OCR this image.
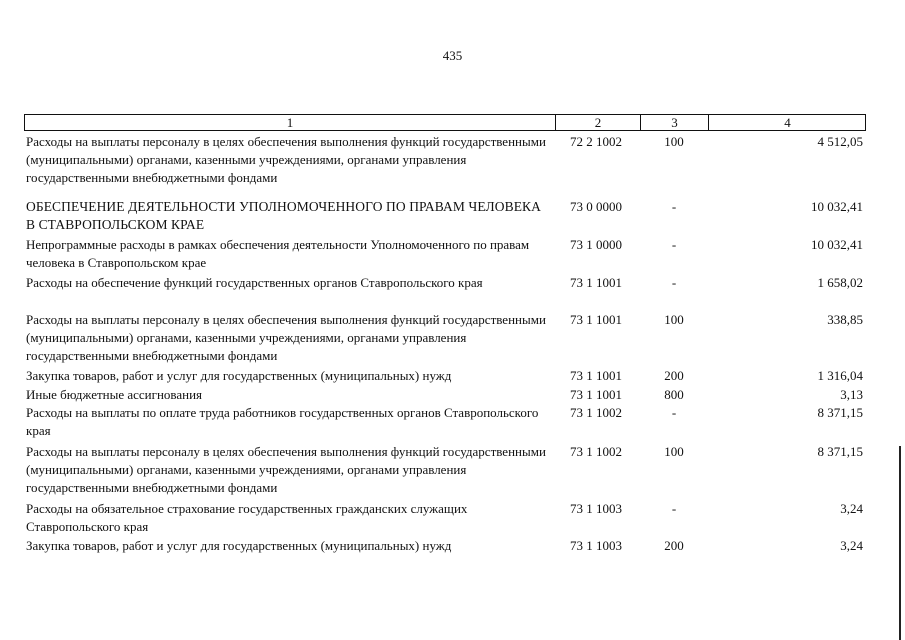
435
1	2	3	4
Расходы на выплаты персоналу в целях обеспечения выполнения функций государственными (муниципальными) органами, казенными учреждениями, органами управления государственными внебюджетными фондами
72 2 1002	100	4 512,05
ОБЕСПЕЧЕНИЕ ДЕЯТЕЛЬНОСТИ УПОЛНОМОЧЕННОГО ПО ПРАВАМ ЧЕЛОВЕКА В СТАВРОПОЛЬСКОМ КРАЕ
73 0 0000	-	10 032,41
Непрограммные расходы в рамках обеспечения деятельности Уполномоченного по правам человека в Ставропольском крае
73 1 0000	-	10 032,41
Расходы на обеспечение функций государственных органов Ставропольского края	73 1 1001	-	1 658,02
Расходы на выплаты персоналу в целях обеспечения выполнения функций государственными (муниципальными) органами, казенными учреждениями, органами управления государственными внебюджетными фондами
73 1 1001	100	338,85
Закупка товаров, работ и услуг для государственных (муниципальных) нужд	73 1 1001	200	1 316,04
Иные бюджетные ассигнования	73 1 1001	800	3,13
Расходы на выплаты по оплате труда работников государственных органов Ставропольского края
73 1 1002	-	8 371,15
Расходы на выплаты персоналу в целях обеспечения выполнения функций государственными (муниципальными) органами, казенными учреждениями, органами управления государственными внебюджетными фондами
73 1 1002	100	8 371,15
Расходы на обязательное страхование государственных гражданских служащих Ставропольского края
73 1 1003	-	3,24
Закупка товаров, работ и услуг для государственных (муниципальных) нужд	73 1 1003	200	3,24
